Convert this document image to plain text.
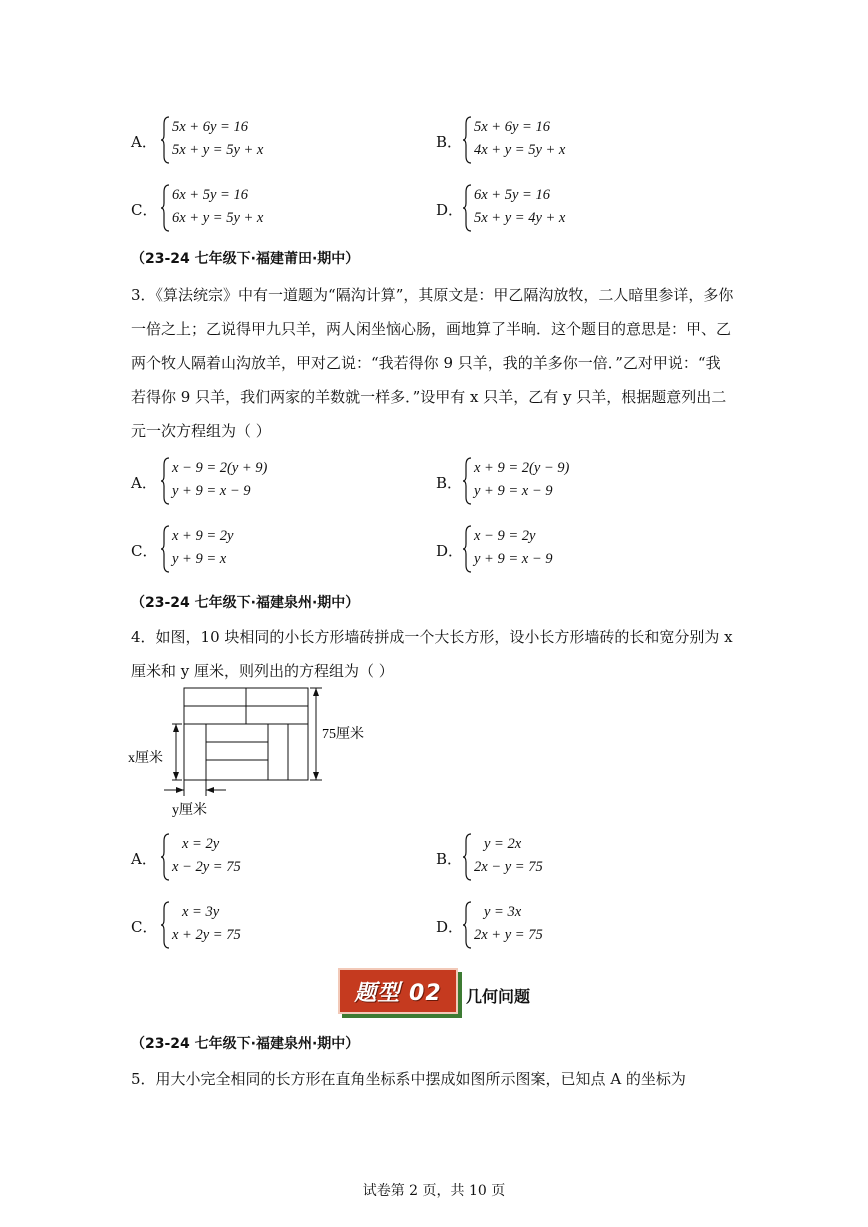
A．
5x + 6y = 16
5x + y = 5y + x	B．
5x + 6y = 16
4x + y = 5y + x
C．
6x + 5y = 16
6x + y = 5y + x	D．
6x + 5y = 16
5x + y = 4y + x
（23-24 七年级下·福建莆田·期中）
3．《算法统宗》中有一道题为“隔沟计算”，其原文是：甲乙隔沟放牧，二人暗里参详，多你
一倍之上；乙说得甲九只羊，两人闲坐恼心肠，画地算了半晌．这个题目的意思是：甲、乙
两个牧人隔着山沟放羊，甲对乙说：“我若得你 9 只羊，我的羊多你一倍．”乙对甲说：“我
若得你 9 只羊，我们两家的羊数就一样多．”设甲有 x 只羊，乙有 y 只羊，根据题意列出二
元一次方程组为（ ）
A．
x − 9 = 2(y + 9)
y + 9 = x − 9	B．
x + 9 = 2(y − 9)
y + 9 = x − 9
C．
x + 9 = 2y
y + 9 = x	D．
x − 9 = 2y
y + 9 = x − 9
（23-24 七年级下·福建泉州·期中）
4．如图，10 块相同的小长方形墙砖拼成一个大长方形，设小长方形墙砖的长和宽分别为 x
厘米和 y 厘米，则列出的方程组为（ ）
x厘米
75厘米
y厘米
A．
x = 2y
x − 2y = 75	B．
y = 2x
2x − y = 75
C．
x = 3y
x + 2y = 75	D．
y = 3x
2x + y = 75
题型 02 几何问题
（23-24 七年级下·福建泉州·期中）
5．用大小完全相同的长方形在直角坐标系中摆成如图所示图案，已知点 A 的坐标为
试卷第 2 页，共 10 页
